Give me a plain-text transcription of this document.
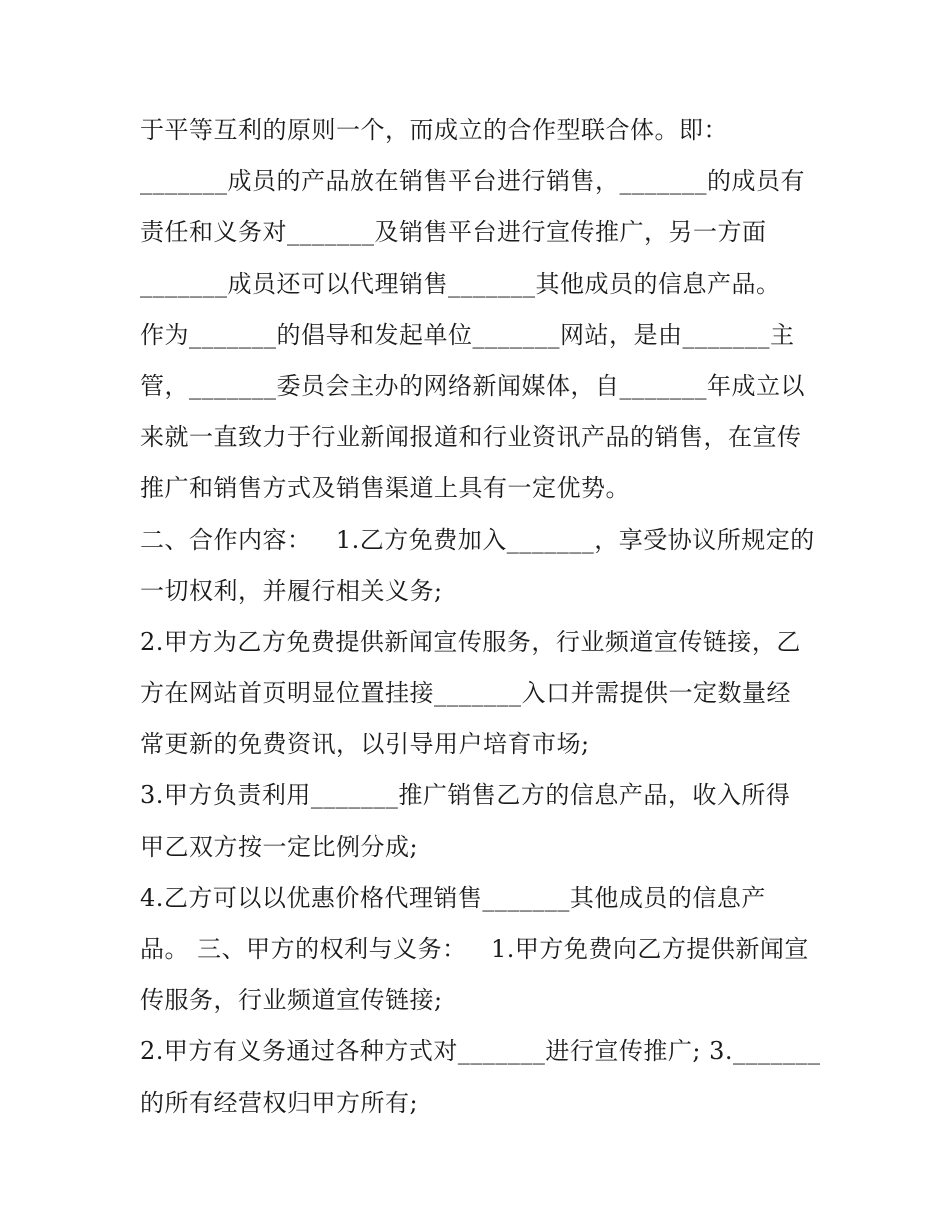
于平等互利的原则一个，而成立的合作型联合体。即：
_______成员的产品放在销售平台进行销售，_______的成员有
责任和义务对_______及销售平台进行宣传推广，另一方面
_______成员还可以代理销售_______其他成员的信息产品。
作为_______的倡导和发起单位_______网站，是由_______主
管，_______委员会主办的网络新闻媒体，自_______年成立以
来就一直致力于行业新闻报道和行业资讯产品的销售，在宣传
推广和销售方式及销售渠道上具有一定优势。
二、合作内容：   1.乙方免费加入_______，享受协议所规定的
一切权利，并履行相关义务;
2.甲方为乙方免费提供新闻宣传服务，行业频道宣传链接，乙
方在网站首页明显位置挂接_______入口并需提供一定数量经
常更新的免费资讯，以引导用户培育市场;
3.甲方负责利用_______推广销售乙方的信息产品，收入所得
甲乙双方按一定比例分成;
4.乙方可以以优惠价格代理销售_______其他成员的信息产
品。 三、甲方的权利与义务：   1.甲方免费向乙方提供新闻宣
传服务，行业频道宣传链接;
2.甲方有义务通过各种方式对_______进行宣传推广; 3._______
的所有经营权归甲方所有;
